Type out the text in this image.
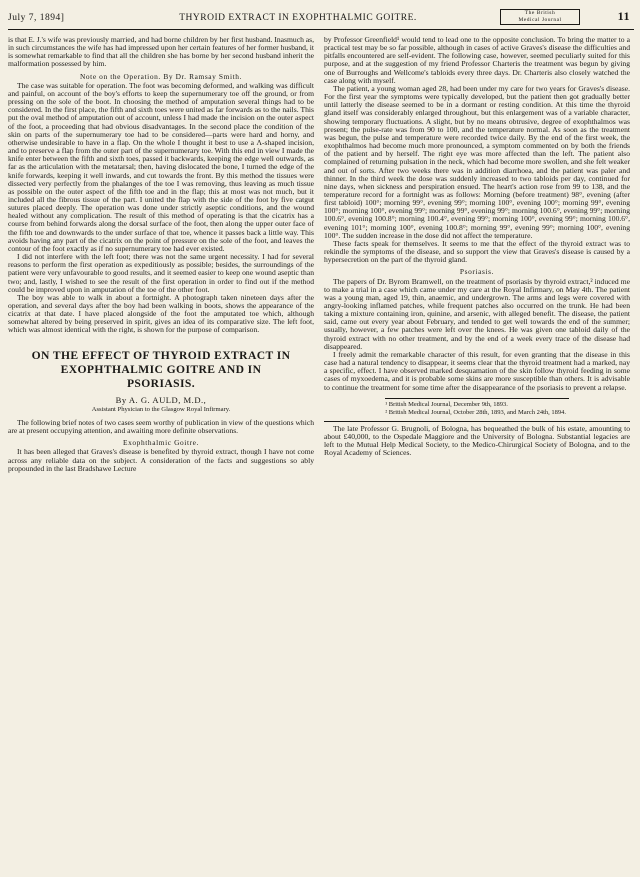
July 7, 1894]	THYROID EXTRACT IN EXOPHTHALMIC GOITRE.	The British
Medical Journal	11

is that E. J.'s wife was previously married, and had borne children by her first husband. Inasmuch as, in such circumstances the wife has had impressed upon her certain features of her former husband, it is somewhat remarkable to find that all the children she has borne by her second husband inherit the malformation possessed by him.

Note on the Operation. By Dr. Ramsay Smith.

The case was suitable for operation. The foot was becoming deformed, and walking was difficult and painful, on account of the boy's efforts to keep the supernumerary toe off the ground, or from pressing on the sole of the boot. In choosing the method of amputation several things had to be considered. In the first place, the fifth and sixth toes were united as far forwards as to the nails. This put the oval method of amputation out of account, unless I had made the incision on the outer aspect of the foot, a proceeding that had obvious disadvantages. In the second place the condition of the skin on parts of the supernumerary toe had to be considered—parts were hard and horny, and otherwise undesirable to have in a flap. On the whole I thought it best to use a Λ-shaped incision, and to preserve a flap from the outer part of the supernumerary toe. With this end in view I made the knife enter between the fifth and sixth toes, passed it backwards, keeping the edge well outwards, as far as the articulation with the metatarsal; then, having dislocated the bone, I turned the edge of the knife forwards, keeping it well inwards, and cut towards the front. By this method the tissues were dissected very perfectly from the phalanges of the toe I was removing, thus leaving as much tissue as possible on the outer aspect of the fifth toe and in the flap; this at most was not much, but it included all the fibrous tissue of the part. I united the flap with the side of the foot by five catgut sutures placed deeply. The operation was done under strictly aseptic conditions, and the wound healed without any complication. The result of this method of operating is that the cicatrix has a course from behind forwards along the dorsal surface of the foot, then along the upper outer face of the fifth toe and downwards to the under surface of that toe, whence it passes back a little way. This avoids having any part of the cicatrix on the point of pressure on the sole of the foot, and leaves the contour of the foot exactly as if no supernumerary toe had ever existed.

I did not interfere with the left foot; there was not the same urgent necessity. I had for several reasons to perform the first operation as expeditiously as possible; besides, the surroundings of the patient were very unfavourable to good results, and it seemed easier to keep one wound aseptic than two; and, lastly, I wished to see the result of the first operation in order to find out if the method could be improved upon in amputation of the toe of the other foot.

The boy was able to walk in about a fortnight. A photograph taken nineteen days after the operation, and several days after the boy had been walking in boots, shows the appearance of the cicatrix at that date. I have placed alongside of the foot the amputated toe which, although somewhat altered by being preserved in spirit, gives an idea of its comparative size. The left foot, which was almost identical with the right, is shown for the purpose of comparison.

ON THE EFFECT OF THYROID EXTRACT IN
EXOPHTHALMIC GOITRE AND IN
PSORIASIS.
By A. G. AULD, M.D.,
Assistant Physician to the Glasgow Royal Infirmary.

The following brief notes of two cases seem worthy of publication in view of the questions which are at present occupying attention, and awaiting more definite observations.

Exophthalmic Goitre.

It has been alleged that Graves's disease is benefited by thyroid extract, though I have not come across any reliable data on the subject. A consideration of the facts and suggestions so ably propounded in the last Bradshawe Lecture

by Professor Greenfield¹ would tend to lead one to the opposite conclusion. To bring the matter to a practical test may be so far possible, although in cases of active Graves's disease the difficulties and pitfalls encountered are self-evident. The following case, however, seemed peculiarly suited for this purpose, and at the suggestion of my friend Professor Charteris the treatment was begun by giving one of Burroughs and Wellcome's tabloids every three days. Dr. Charteris also closely watched the case along with myself.

The patient, a young woman aged 28, had been under my care for two years for Graves's disease. For the first year the symptoms were typically developed, but the patient then got gradually better until latterly the disease seemed to be in a dormant or resting condition. At this time the thyroid gland itself was considerably enlarged throughout, but this enlargement was of a variable character, showing temporary fluctuations. A slight, but by no means obtrusive, degree of exophthalmos was present; the pulse-rate was from 90 to 100, and the temperature normal. As soon as the treatment was begun, the pulse and temperature were recorded twice daily. By the end of the first week, the exophthalmos had become much more pronounced, a symptom commented on by both the friends of the patient and by herself. The right eye was more affected than the left. The patient also complained of returning pulsation in the neck, which had become more swollen, and she felt weaker and out of sorts. After two weeks there was in addition diarrhoea, and the patient was paler and thinner. In the third week the dose was suddenly increased to two tabloids per day, continued for nine days, when sickness and perspiration ensued. The heart's action rose from 99 to 138, and the temperature record for a fortnight was as follows: Morning (before treatment) 98°, evening (after first tabloid) 100°; morning 99°, evening 99°; morning 100°, evening 100°; morning 99°, evening 100°; morning 100°, evening 99°; morning 99°, evening 99°; morning 100.6°, evening 99°; morning 100.6°, evening 100.8°; morning 100.4°, evening 99°; morning 100°, evening 99°; morning 100.6°, evening 101°; morning 100°, evening 100.8°; morning 99°, evening 99°; morning 100°, evening 100°. The sudden increase in the dose did not affect the temperature.

These facts speak for themselves. It seems to me that the effect of the thyroid extract was to rekindle the symptoms of the disease, and so support the view that Graves's disease is caused by a hypersecretion on the part of the thyroid gland.

Psoriasis.

The papers of Dr. Byrom Bramwell, on the treatment of psoriasis by thyroid extract,² induced me to make a trial in a case which came under my care at the Royal Infirmary, on May 4th. The patient was a young man, aged 19, thin, anaemic, and undergrown. The arms and legs were covered with angry-looking inflamed patches, while frequent patches also occurred on the trunk. He had been taking a mixture containing iron, quinine, and arsenic, with alleged benefit. The disease, the patient said, came out every year about February, and tended to get well towards the end of the summer; usually, however, a few patches were left over the knees. He was given one tabloid daily of the thyroid extract with no other treatment, and by the end of a week every trace of the disease had disappeared.

I freely admit the remarkable character of this result, for even granting that the disease in this case had a natural tendency to disappear, it seems clear that the thyroid treatment had a marked, nay a specific, effect. I have observed marked desquamation of the skin follow thyroid feeding in some cases of myxoedema, and it is probable some skins are more susceptible than others. It is advisable to continue the treatment for some time after the disappearance of the psoriasis to prevent a relapse.

¹ British Medical Journal, December 9th, 1893.
² British Medical Journal, October 28th, 1893, and March 24th, 1894.

The late Professor G. Brugnoli, of Bologna, has bequeathed the bulk of his estate, amounting to about £40,000, to the Ospedale Maggiore and the University of Bologna. Substantial legacies are left to the Mutual Help Medical Society, to the Medico-Chirurgical Society of Bologna, and to the Royal Academy of Sciences.
